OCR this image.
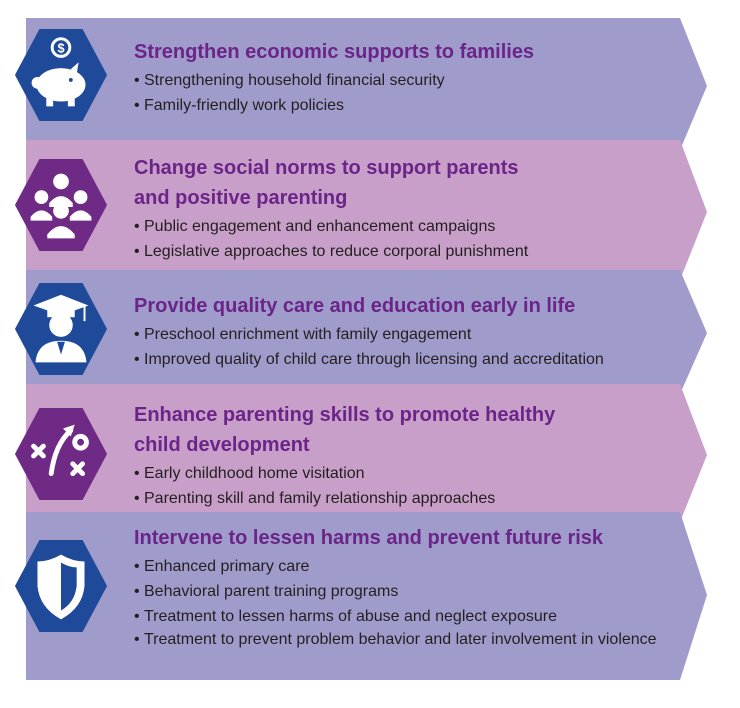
$	Strengthen economic supports to families
• Strengthening household financial security
• Family-friendly work policies
Change social norms to support parents
and positive parenting
• Public engagement and enhancement campaigns
• Legislative approaches to reduce corporal punishment
Provide quality care and education early in life
• Preschool enrichment with family engagement
• Improved quality of child care through licensing and accreditation
Enhance parenting skills to promote healthy
child development
• Early childhood home visitation
• Parenting skill and family relationship approaches
Intervene to lessen harms and prevent future risk
• Enhanced primary care
• Behavioral parent training programs
• Treatment to lessen harms of abuse and neglect exposure
• Treatment to prevent problem behavior and later involvement in violence
